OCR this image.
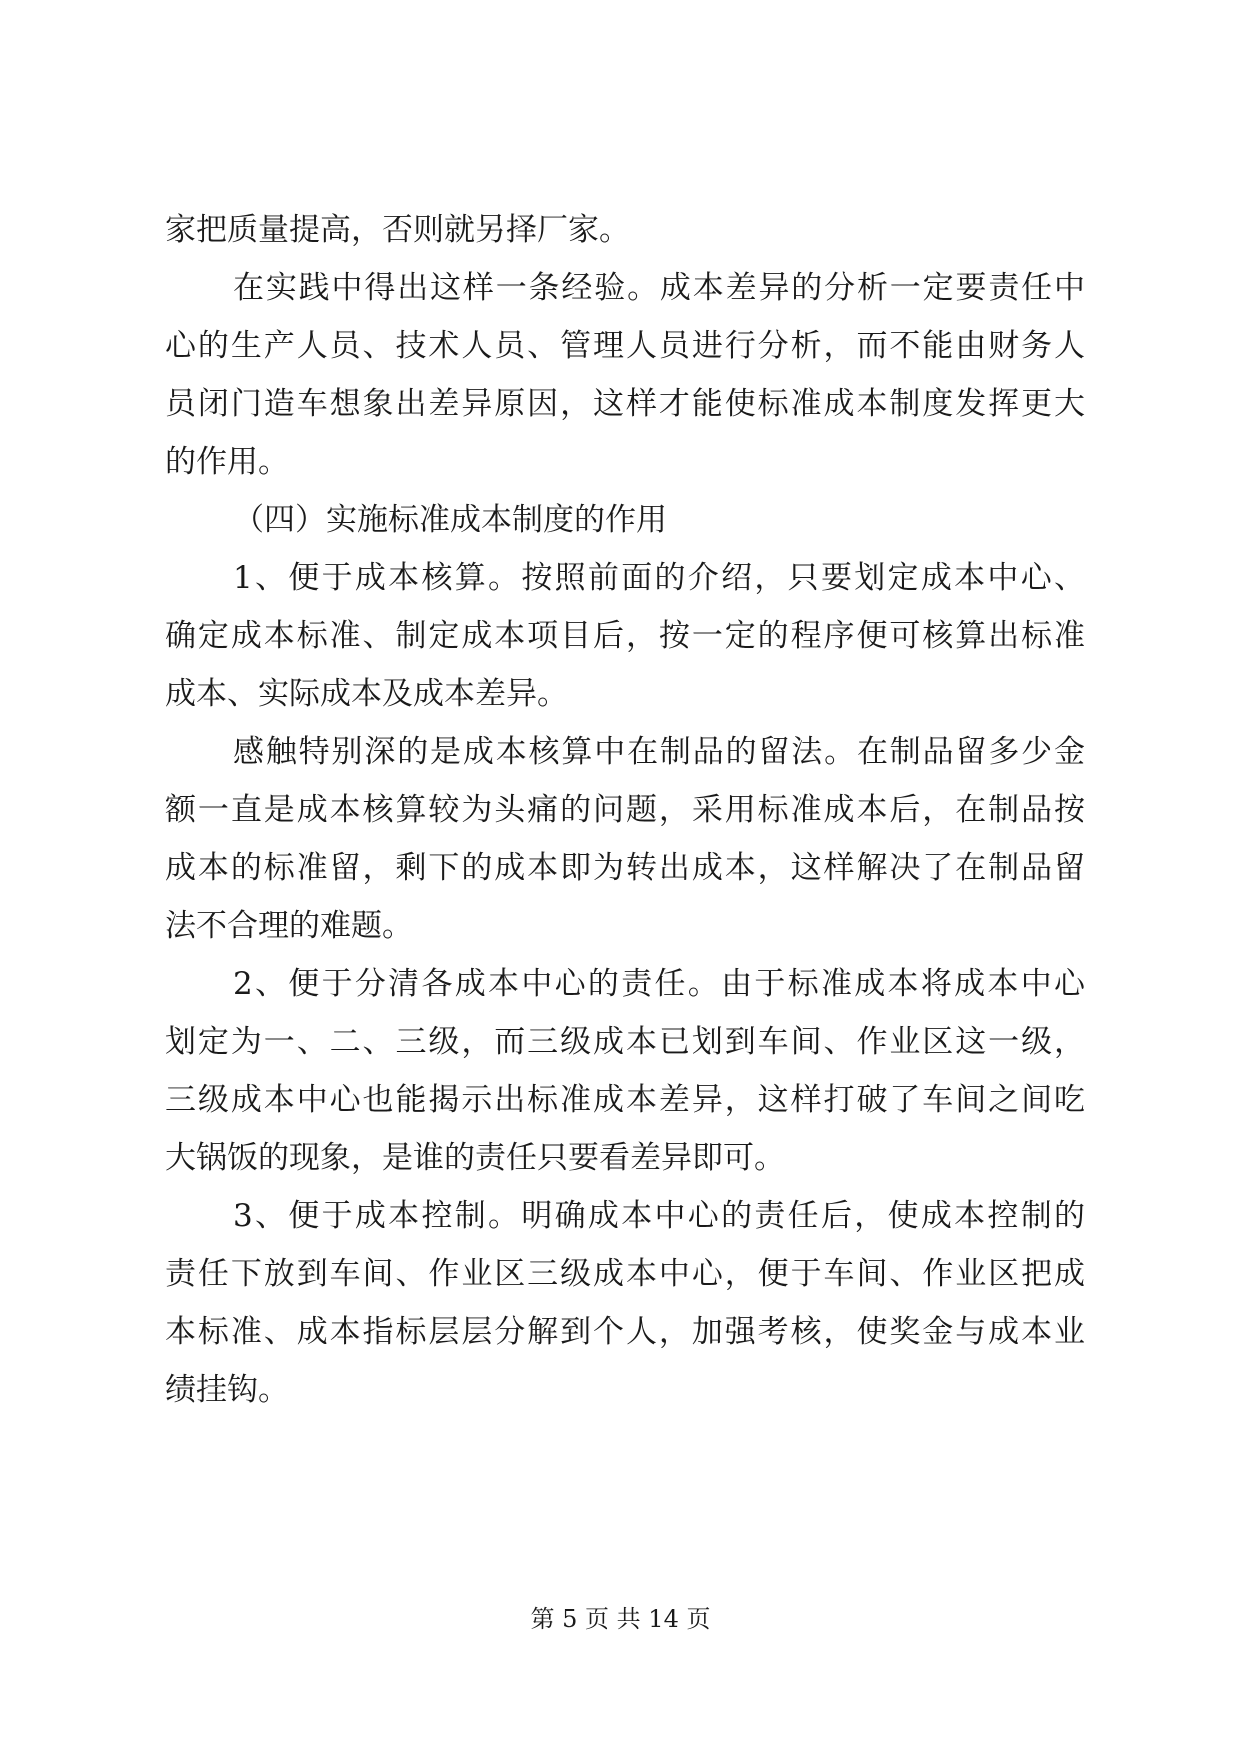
家把质量提高，否则就另择厂家。
在实践中得出这样一条经验。成本差异的分析一定要责任中
心的生产人员、技术人员、管理人员进行分析，而不能由财务人
员闭门造车想象出差异原因，这样才能使标准成本制度发挥更大
的作用。
（四）实施标准成本制度的作用
1、便于成本核算。按照前面的介绍，只要划定成本中心、
确定成本标准、制定成本项目后，按一定的程序便可核算出标准
成本、实际成本及成本差异。
感触特别深的是成本核算中在制品的留法。在制品留多少金
额一直是成本核算较为头痛的问题，采用标准成本后，在制品按
成本的标准留，剩下的成本即为转出成本，这样解决了在制品留
法不合理的难题。
2、便于分清各成本中心的责任。由于标准成本将成本中心
划定为一、二、三级，而三级成本已划到车间、作业区这一级，
三级成本中心也能揭示出标准成本差异，这样打破了车间之间吃
大锅饭的现象，是谁的责任只要看差异即可。
3、便于成本控制。明确成本中心的责任后，使成本控制的
责任下放到车间、作业区三级成本中心，便于车间、作业区把成
本标准、成本指标层层分解到个人，加强考核，使奖金与成本业
绩挂钩。
第 5 页 共 14 页
